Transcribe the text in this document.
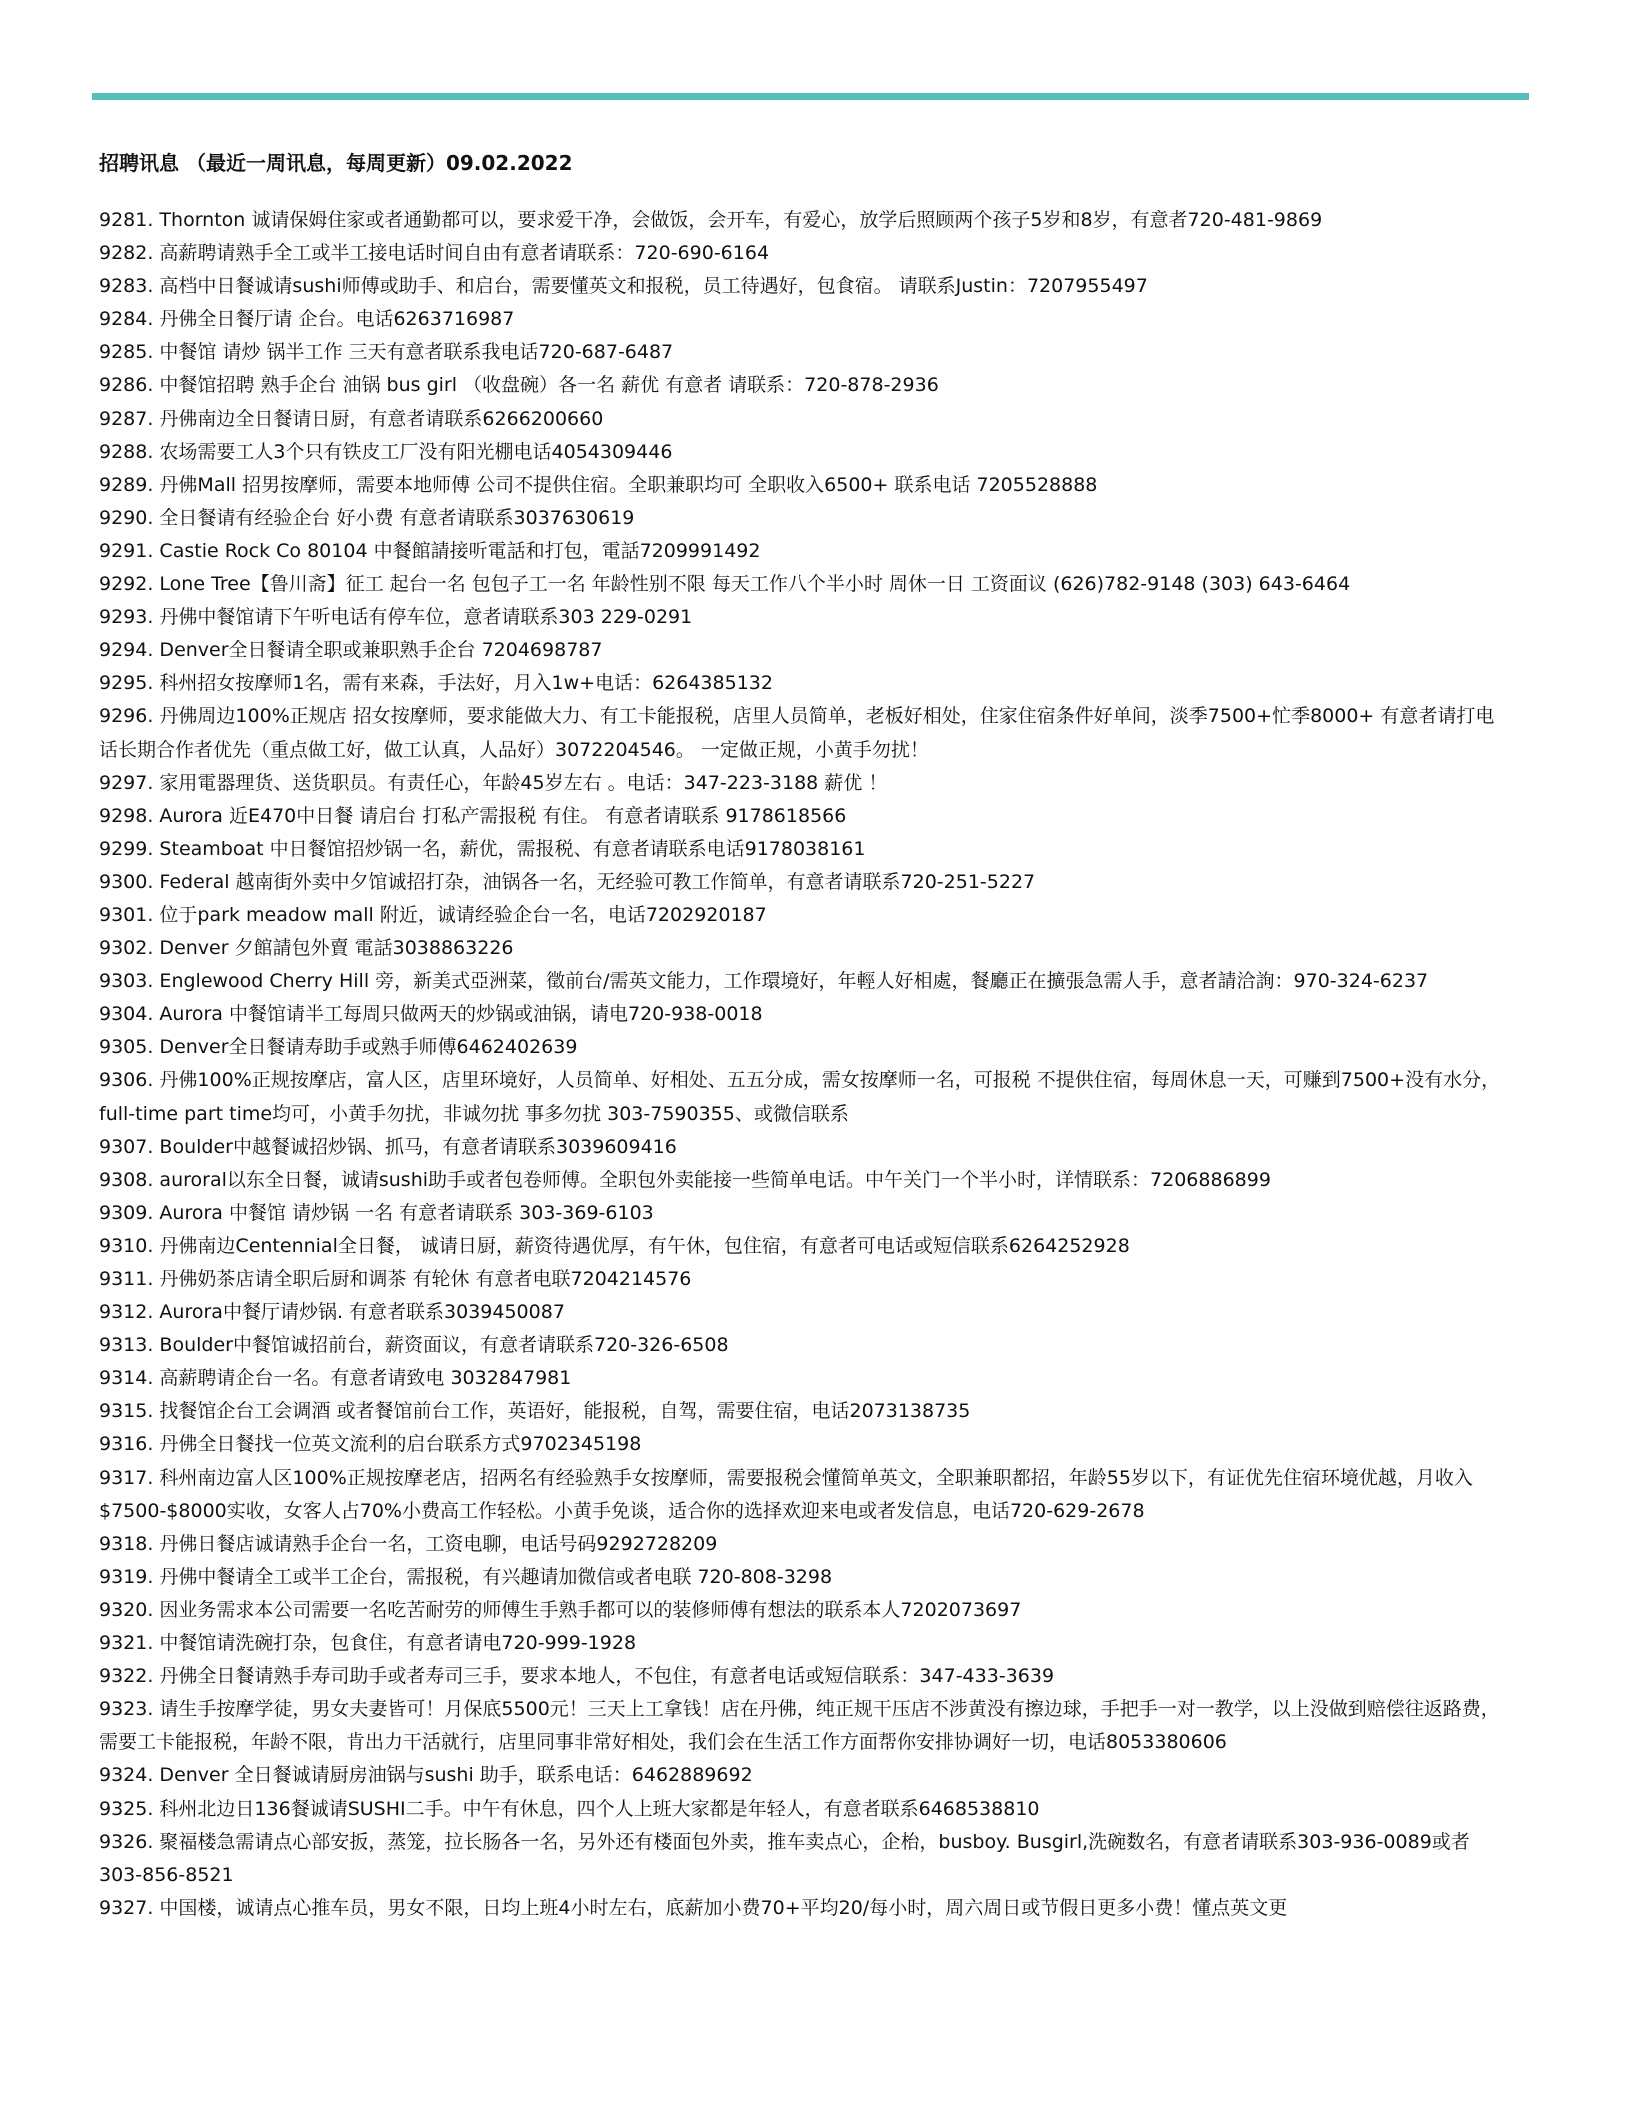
招聘讯息 （最近一周讯息，每周更新）09.02.2022
9281. Thornton 诚请保姆住家或者通勤都可以，要求爱干净，会做饭，会开车，有爱心，放学后照顾两个孩子5岁和8岁，有意者720-481-9869
9282. 高薪聘请熟手全工或半工接电话时间自由有意者请联系：720-690-6164
9283. 高档中日餐诚请sushi师傅或助手、和启台，需要懂英文和报税，员工待遇好，包食宿。 请联系Justin：7207955497
9284. 丹佛全日餐厅请 企台。电话6263716987
9285. 中餐馆 请炒 锅半工作 三天有意者联系我电话720-687-6487
9286. 中餐馆招聘 熟手企台 油锅 bus girl （收盘碗）各一名 薪优 有意者 请联系：720-878-2936
9287. 丹佛南边全日餐请日厨，有意者请联系6266200660
9288. 农场需要工人3个只有铁皮工厂没有阳光棚电话4054309446
9289. 丹佛Mall 招男按摩师，需要本地师傅 公司不提供住宿。全职兼职均可 全职收入6500+ 联系电话 7205528888
9290. 全日餐请有经验企台 好小费 有意者请联系3037630619
9291. Castie Rock Co 80104 中餐館請接听電話和打包，電話7209991492
9292. Lone Tree【鲁川斋】征工 起台一名 包包子工一名 年龄性别不限 每天工作八个半小时 周休一日 工资面议 (626)782-9148 (303) 643-6464
9293. 丹佛中餐馆请下午听电话有停车位，意者请联系303 229-0291
9294. Denver全日餐请全职或兼职熟手企台 7204698787
9295. 科州招女按摩师1名，需有来森，手法好，月入1w+电话：6264385132
9296. 丹佛周边100%正规店 招女按摩师，要求能做大力、有工卡能报税，店里人员简单，老板好相处，住家住宿条件好单间，淡季7500+忙季8000+ 有意者请打电话长期合作者优先（重点做工好，做工认真，人品好）3072204546。 一定做正规，小黄手勿扰！
9297. 家用電器理货、送货职员。有责任心，年龄45岁左右 。电话：347-223-3188 薪优 ！
9298. Aurora 近E470中日餐 请启台 打私产需报税 有住。 有意者请联系 9178618566
9299. Steamboat 中日餐馆招炒锅一名，薪优，需报税、有意者请联系电话9178038161
9300. Federal 越南街外卖中夕馆诚招打杂，油锅各一名，无经验可教工作简单，有意者请联系720-251-5227
9301. 位于park meadow mall 附近，诚请经验企台一名，电话7202920187
9302. Denver 夕館請包外賣 電話3038863226
9303. Englewood Cherry Hill 旁，新美式亞洲菜，徵前台/需英文能力，工作環境好，年輕人好相處，餐廳正在擴張急需人手，意者請洽詢：970-324-6237
9304. Aurora 中餐馆请半工每周只做两天的炒锅或油锅，请电720-938-0018
9305. Denver全日餐请寿助手或熟手师傅6462402639
9306. 丹佛100%正规按摩店，富人区，店里环境好，人员简单、好相处、五五分成，需女按摩师一名，可报税 不提供住宿，每周休息一天，可赚到7500+没有水分，full-time part time均可，小黄手勿扰，非诚勿扰 事多勿扰 303-7590355、或微信联系
9307. Boulder中越餐诚招炒锅、抓马，有意者请联系3039609416
9308. auroral以东全日餐，诚请sushi助手或者包卷师傅。全职包外卖能接一些简单电话。中午关门一个半小时，详情联系：7206886899
9309. Aurora 中餐馆 请炒锅 一名 有意者请联系 303-369-6103
9310. 丹佛南边Centennial全日餐， 诚请日厨，薪资待遇优厚，有午休，包住宿，有意者可电话或短信联系6264252928
9311. 丹佛奶茶店请全职后厨和调茶 有轮休 有意者电联7204214576
9312. Aurora中餐厅请炒锅. 有意者联系3039450087
9313. Boulder中餐馆诚招前台，薪资面议，有意者请联系720-326-6508
9314. 高薪聘请企台一名。有意者请致电 3032847981
9315. 找餐馆企台工会调酒 或者餐馆前台工作，英语好，能报税，自驾，需要住宿，电话2073138735
9316. 丹佛全日餐找一位英文流利的启台联系方式9702345198
9317. 科州南边富人区100%正规按摩老店，招两名有经验熟手女按摩师，需要报税会懂简单英文，全职兼职都招，年龄55岁以下，有证优先住宿环境优越，月收入$7500-$8000实收，女客人占70%小费高工作轻松。小黄手免谈，适合你的选择欢迎来电或者发信息，电话720-629-2678
9318. 丹佛日餐店诚请熟手企台一名，工资电聊，电话号码9292728209
9319. 丹佛中餐请全工或半工企台，需报税，有兴趣请加微信或者电联 720-808-3298
9320. 因业务需求本公司需要一名吃苦耐劳的师傅生手熟手都可以的装修师傅有想法的联系本人7202073697
9321. 中餐馆请洗碗打杂，包食住，有意者请电720-999-1928
9322. 丹佛全日餐请熟手寿司助手或者寿司三手，要求本地人，不包住，有意者电话或短信联系：347-433-3639
9323. 请生手按摩学徒，男女夫妻皆可！月保底5500元！三天上工拿钱！店在丹佛，纯正规干压店不涉黄没有擦边球，手把手一对一教学，以上没做到赔偿往返路费，需要工卡能报税，年龄不限，肯出力干活就行，店里同事非常好相处，我们会在生活工作方面帮你安排协调好一切，电话8053380606
9324. Denver 全日餐诚请厨房油锅与sushi 助手，联系电话：6462889692
9325. 科州北边日136餐诚请SUSHI二手。中午有休息，四个人上班大家都是年轻人，有意者联系6468538810
9326. 聚福楼急需请点心部安扳，蒸笼，拉长肠各一名，另外还有楼面包外卖，推车卖点心，企枱，busboy. Busgirl,洗碗数名，有意者请联系303-936-0089或者303-856-8521
9327. 中国楼，诚请点心推车员，男女不限，日均上班4小时左右，底薪加小费70+平均20/每小时，周六周日或节假日更多小费！懂点英文更
